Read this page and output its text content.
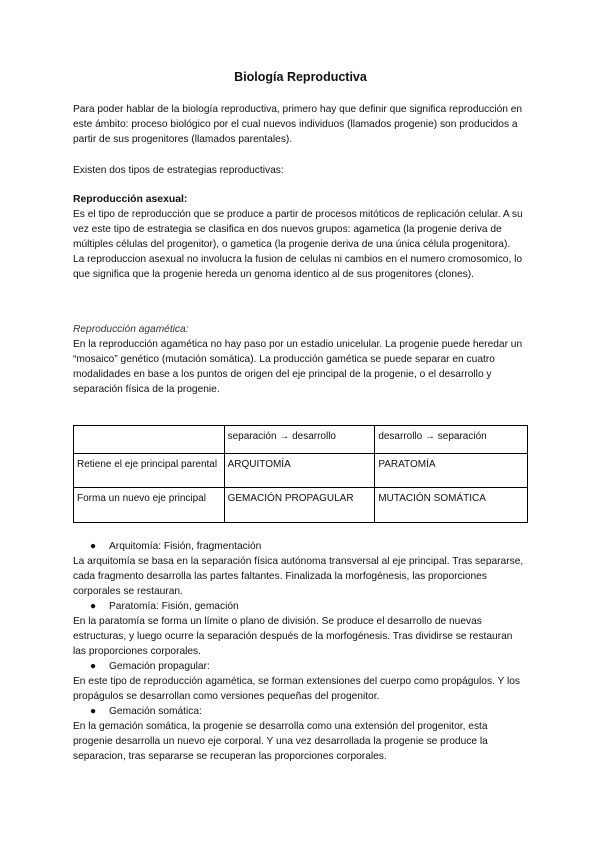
Biología Reproductiva

Para poder hablar de la biología reproductiva, primero hay que definir que significa reproducción en este ámbito: proceso biológico por el cual nuevos individuos (llamados progenie) son producidos a partir de sus progenitores (llamados parentales).

Existen dos tipos de estrategias reproductivas:

Reproducción asexual:

Es el tipo de reproducción que se produce a partir de procesos mitóticos de replicación celular. A su vez este tipo de estrategia se clasifica en dos nuevos grupos: agametica (la progenie deriva de múltiples células del progenitor), o gametica (la progenie deriva de una única célula progenitora).

La reproduccion asexual no involucra la fusion de celulas ni cambios en el numero cromosomico, lo que significa que la progenie hereda un genoma identico al de sus progenitores (clones).

Reproducción agamética:

En la reproducción agamética no hay paso por un estadio unicelular. La progenie puede heredar un “mosaico” genético (mutación somática). La producción gamética se puede separar en cuatro modalidades en base a los puntos de origen del eje principal de la progenie, o el desarrollo y separación física de la progenie.

	separación → desarrollo	desarrollo → separación
Retiene el eje principal parental	ARQUITOMÍA	PARATOMÍA
Forma un nuevo eje principal	GEMACIÓN PROPAGULAR	MUTACIÓN SOMÁTICA

● Arquitomía: Fisión, fragmentación

La arquitomía se basa en la separación física autónoma transversal al eje principal. Tras separarse, cada fragmento desarrolla las partes faltantes. Finalizada la morfogénesis, las proporciones corporales se restauran.

● Paratomía: Fisión, gemación

En la paratomía se forma un límite o plano de división. Se produce el desarrollo de nuevas estructuras, y luego ocurre la separación después de la morfogénesis. Tras dividirse se restauran las proporciones corporales.

● Gemación propagular:

En este tipo de reproducción agamética, se forman extensiones del cuerpo como propágulos. Y los propágulos se desarrollan como versiones pequeñas del progenitor.

● Gemación somática:

En la gemación somática, la progenie se desarrolla como una extensión del progenitor, esta progenie desarrolla un nuevo eje corporal. Y una vez desarrollada la progenie se produce la separacion, tras separarse se recuperan las proporciones corporales.
